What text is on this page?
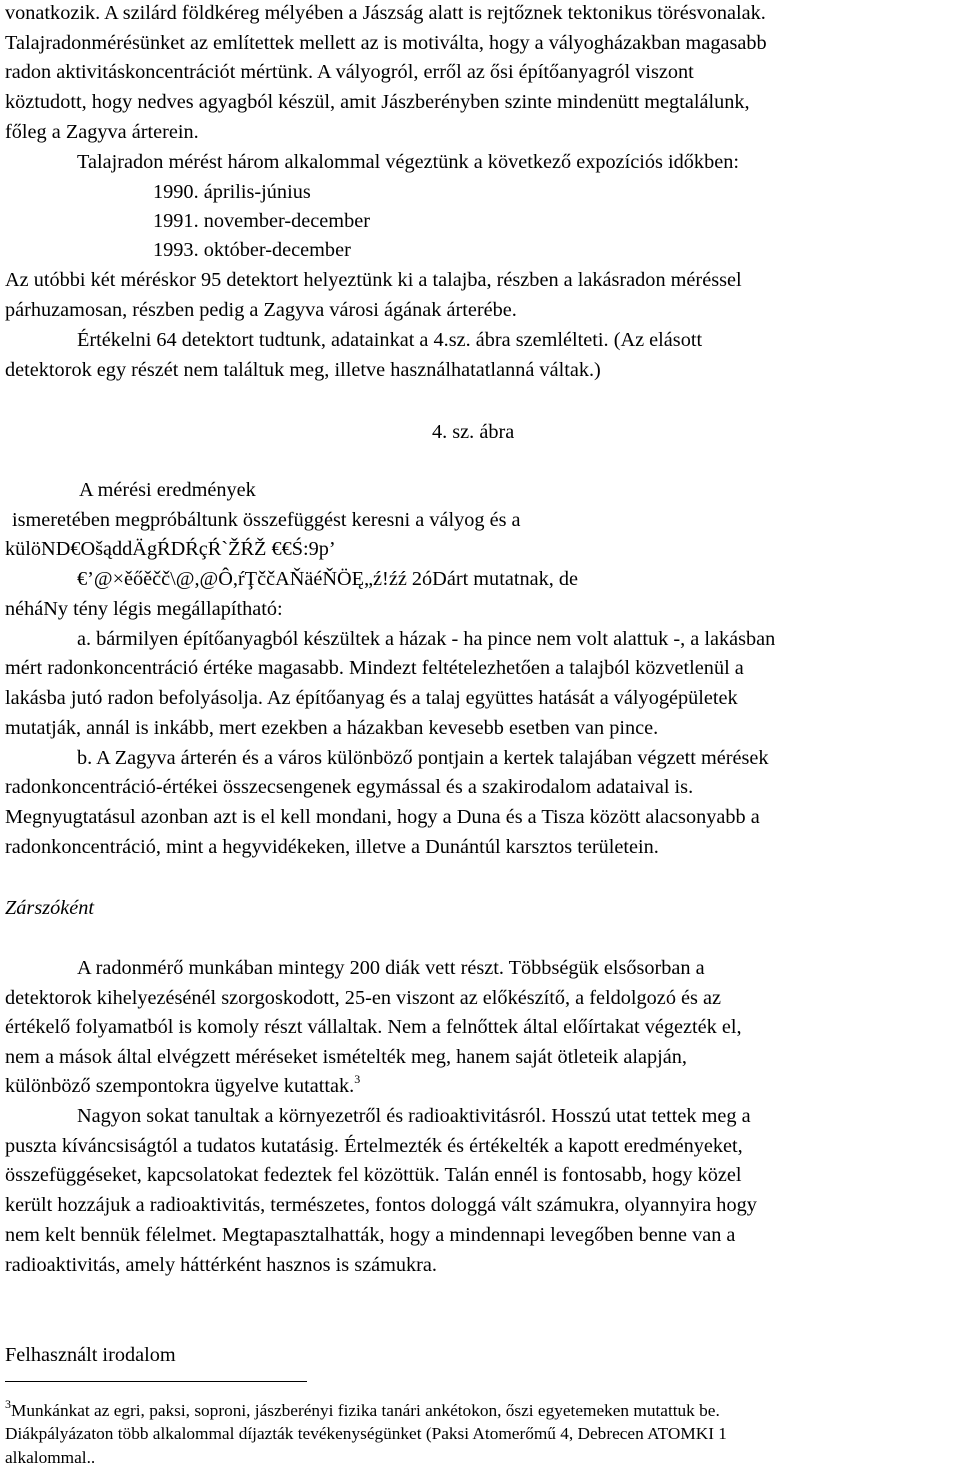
vonatkozik. A szilárd földkéreg mélyében a Jászság alatt is rejtőznek tektonikus törésvonalak.
Talajradonmérésünket az említettek mellett az is motiválta, hogy a vályogházakban magasabb
radon aktivitáskoncentrációt mértünk. A vályogról, erről az ősi építőanyagról viszont
köztudott, hogy nedves agyagból készül, amit Jászberényben szinte mindenütt megtalálunk,
főleg a Zagyva árterein.
Talajradon mérést három alkalommal végeztünk a következő expozíciós időkben:
1990. április-június
1991. november-december
1993. október-december
Az utóbbi két méréskor 95 detektort helyeztünk ki a talajba, részben a lakásradon méréssel
párhuzamosan, részben pedig a Zagyva városi ágának árterébe.
Értékelni 64 detektort tudtunk, adatainkat a 4.sz. ábra szemlélteti. (Az elásott
detektorok egy részét nem találtuk meg, illetve használhatatlanná váltak.)
4. sz. ábra
A mérési eredmények
ismeretében megpróbáltunk összefüggést keresni a vályog és a
külöND€OšąddÄgŔDŔçŔ`ŽŔŽ €€Ś:9p’
€’@×ěőěčč\@,@Ô,ŕŢččAŇäéŇÖĘ„ź!źź 2óDárt mutatnak, de
néháNy tény légis megállapítható:
a. bármilyen építőanyagból készültek a házak - ha pince nem volt alattuk -, a lakásban
mért radonkoncentráció értéke magasabb. Mindezt feltételezhetően a talajból közvetlenül a
lakásba jutó radon befolyásolja. Az építőanyag és a talaj együttes hatását a vályogépületek
mutatják, annál is inkább, mert ezekben a házakban kevesebb esetben van pince.
b. A Zagyva árterén és a város különböző pontjain a kertek talajában végzett mérések
radonkoncentráció-értékei összecsengenek egymással és a szakirodalom adataival is.
Megnyugtatásul azonban azt is el kell mondani, hogy a Duna és a Tisza között alacsonyabb a
radonkoncentráció, mint a hegyvidékeken, illetve a Dunántúl karsztos területein.
Zárszóként
A radonmérő munkában mintegy 200 diák vett részt. Többségük elsősorban a
detektorok kihelyezésénél szorgoskodott, 25-en viszont az előkészítő, a feldolgozó és az
értékelő folyamatból is komoly részt vállaltak. Nem a felnőttek által előírtakat végezték el,
nem a mások által elvégzett méréseket ismételték meg, hanem saját ötleteik alapján,
különböző szempontokra ügyelve kutattak.$^3$
Nagyon sokat tanultak a környezetről és radioaktivitásról. Hosszú utat tettek meg a
puszta kíváncsiságtól a tudatos kutatásig. Értelmezték és értékelték a kapott eredményeket,
összefüggéseket, kapcsolatokat fedeztek fel közöttük. Talán ennél is fontosabb, hogy közel
került hozzájuk a radioaktivitás, természetes, fontos dologgá vált számukra, olyannyira hogy
nem kelt bennük félelmet. Megtapasztalhatták, hogy a mindennapi levegőben benne van a
radioaktivitás, amely háttérként hasznos is számukra.
Felhasznált irodalom
$^3$Munkánkat az egri, paksi, soproni, jászberényi fizika tanári ankétokon, őszi egyetemeken mutattuk be.
Diákpályázaton több alkalommal díjazták tevékenységünket (Paksi Atomerőmű 4, Debrecen ATOMKI 1
alkalommal..
